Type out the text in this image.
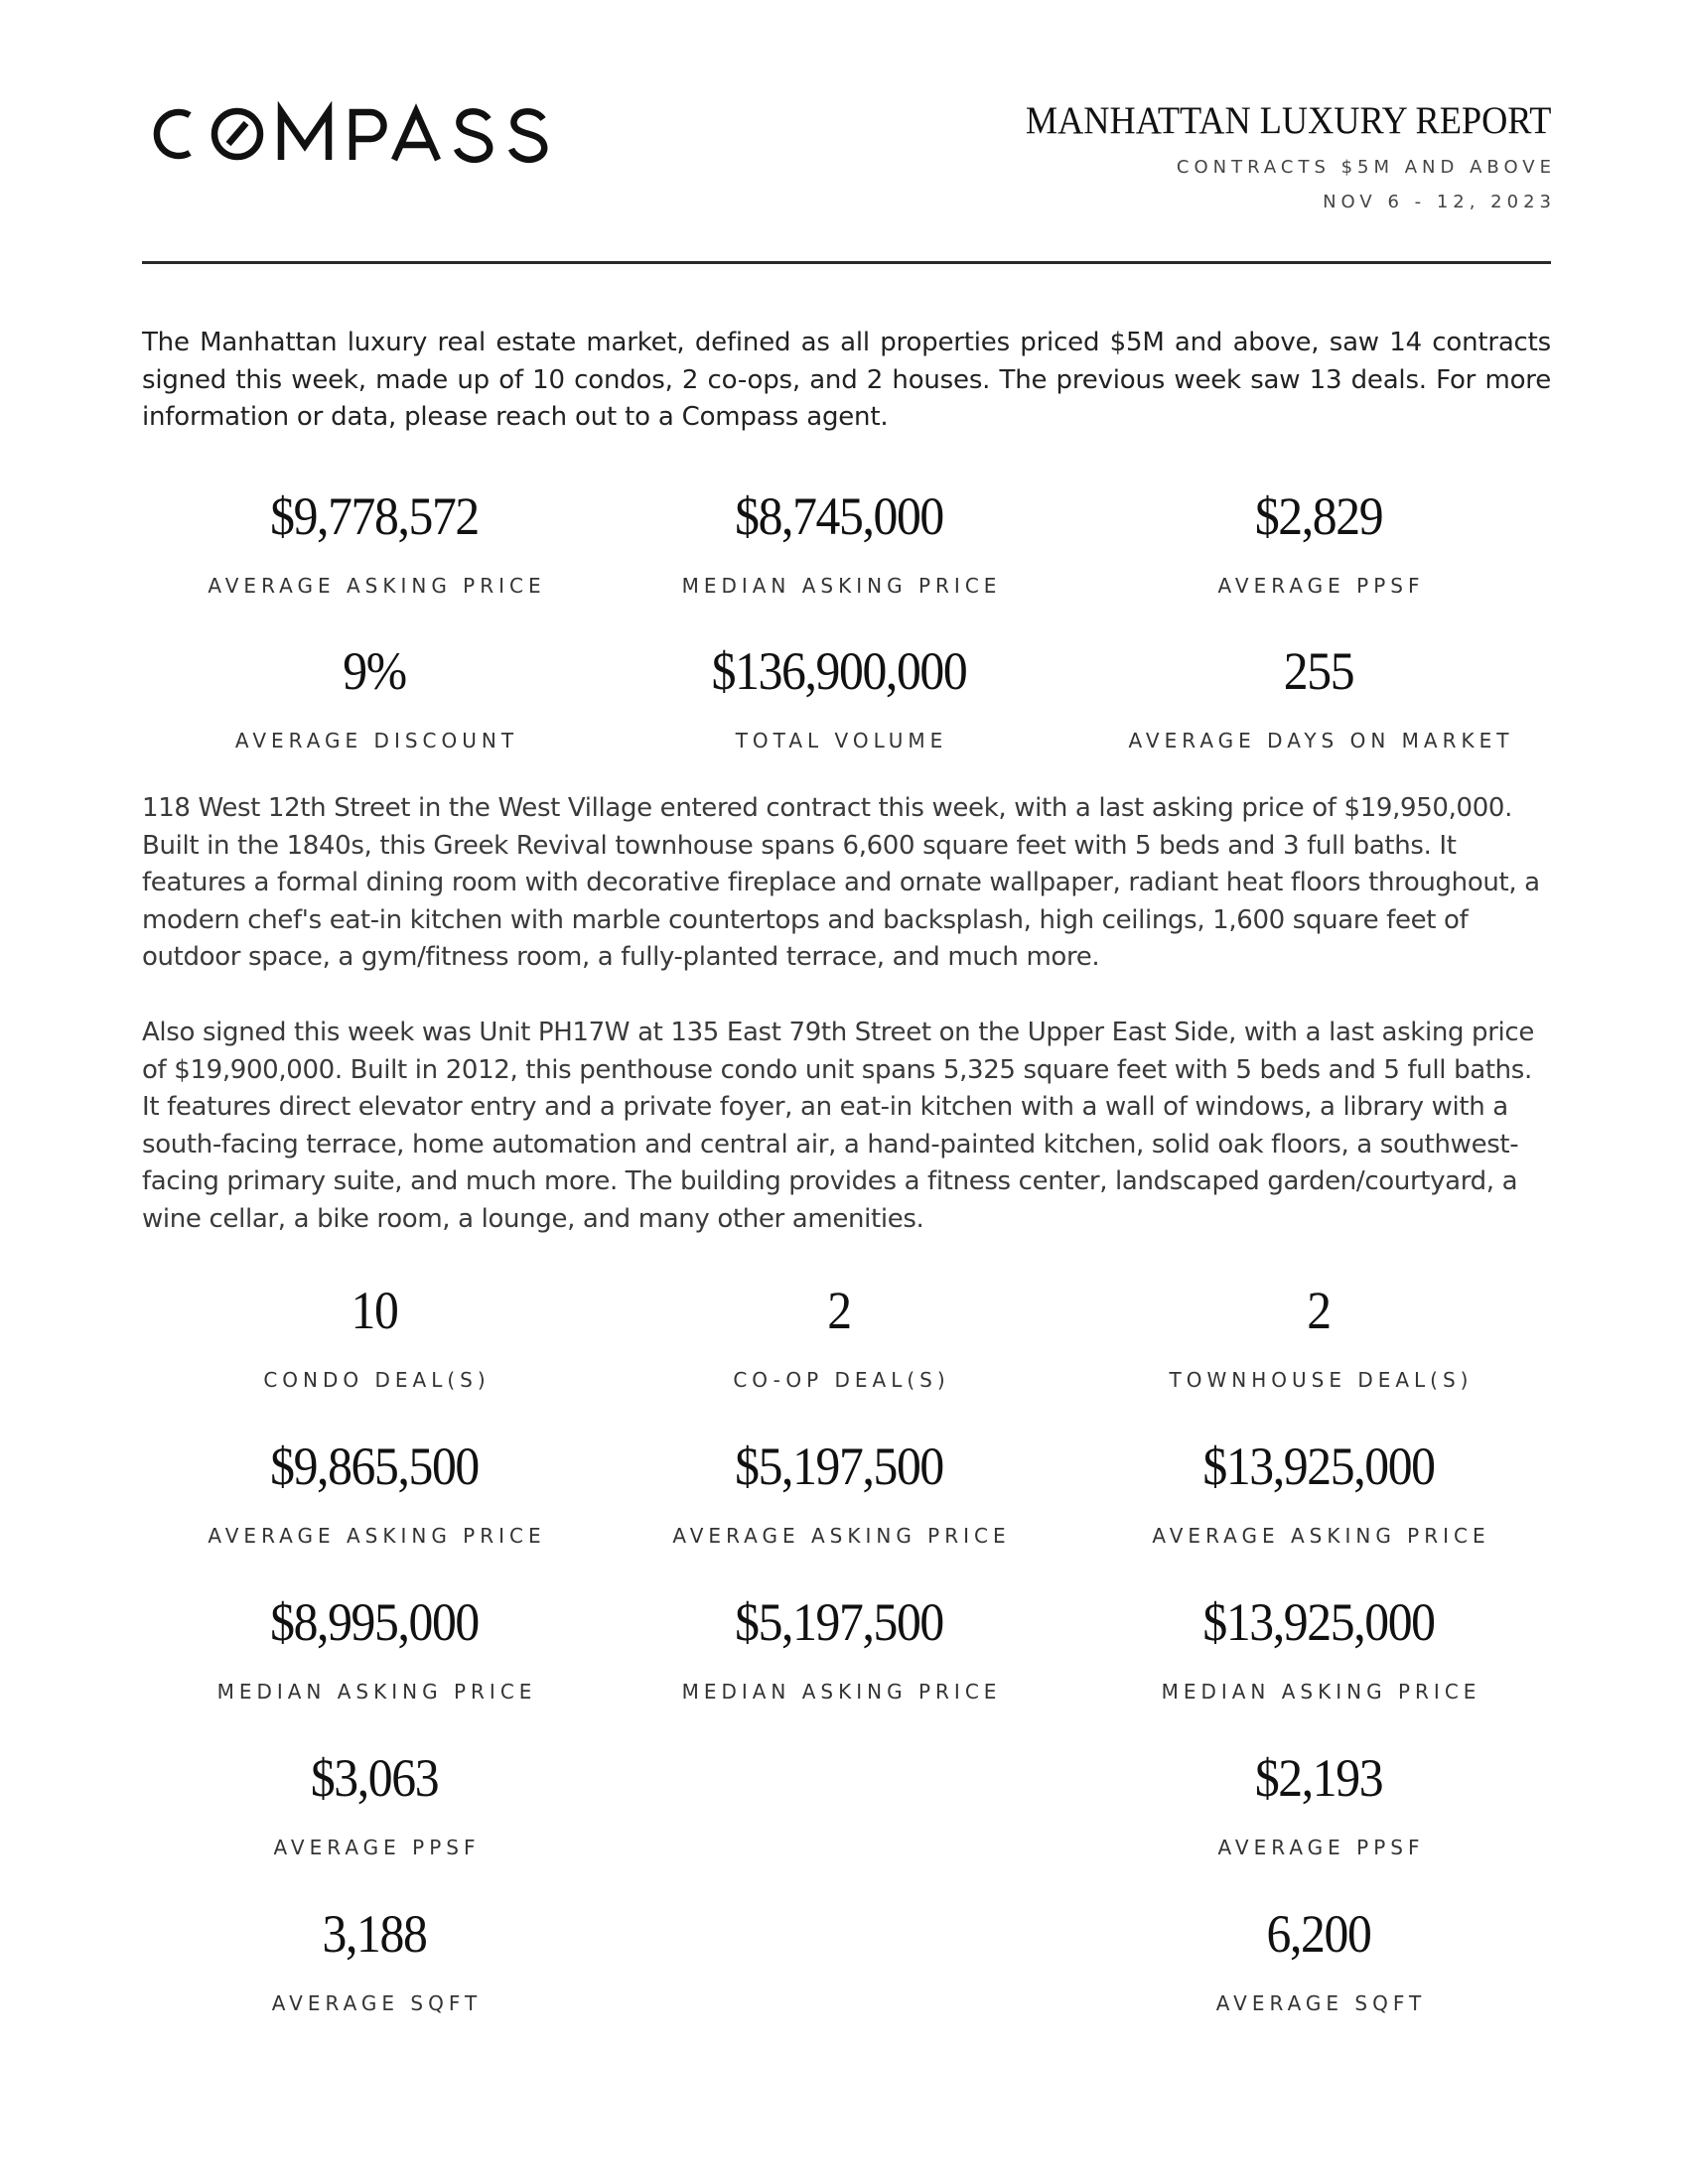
MANHATTAN LUXURY REPORT
CONTRACTS $5M AND ABOVE
NOV 6 - 12, 2023
The Manhattan luxury real estate market, defined as all properties priced $5M and above, saw 14 contracts signed this week, made up of 10 condos, 2 co-ops, and 2 houses. The previous week saw 13 deals. For more information or data, please reach out to a Compass agent.
$9,778,572
AVERAGE ASKING PRICE
$8,745,000
MEDIAN ASKING PRICE
$2,829
AVERAGE PPSF
9%
AVERAGE DISCOUNT
$136,900,000
TOTAL VOLUME
255
AVERAGE DAYS ON MARKET
118 West 12th Street in the West Village entered contract this week, with a last asking price of $19,950,000. Built in the 1840s, this Greek Revival townhouse spans 6,600 square feet with 5 beds and 3 full baths. It features a formal dining room with decorative fireplace and ornate wallpaper, radiant heat floors throughout, a modern chef's eat-in kitchen with marble countertops and backsplash, high ceilings, 1,600 square feet of outdoor space, a gym/fitness room, a fully-planted terrace, and much more.
Also signed this week was Unit PH17W at 135 East 79th Street on the Upper East Side, with a last asking price of $19,900,000. Built in 2012, this penthouse condo unit spans 5,325 square feet with 5 beds and 5 full baths. It features direct elevator entry and a private foyer, an eat-in kitchen with a wall of windows, a library with a south-facing terrace, home automation and central air, a hand-painted kitchen, solid oak floors, a southwest-facing primary suite, and much more. The building provides a fitness center, landscaped garden/courtyard, a wine cellar, a bike room, a lounge, and many other amenities.
10
CONDO DEAL(S)
$9,865,500
AVERAGE ASKING PRICE
$8,995,000
MEDIAN ASKING PRICE
$3,063
AVERAGE PPSF
3,188
AVERAGE SQFT
2
CO-OP DEAL(S)
$5,197,500
AVERAGE ASKING PRICE
$5,197,500
MEDIAN ASKING PRICE
2
TOWNHOUSE DEAL(S)
$13,925,000
AVERAGE ASKING PRICE
$13,925,000
MEDIAN ASKING PRICE
$2,193
AVERAGE PPSF
6,200
AVERAGE SQFT
